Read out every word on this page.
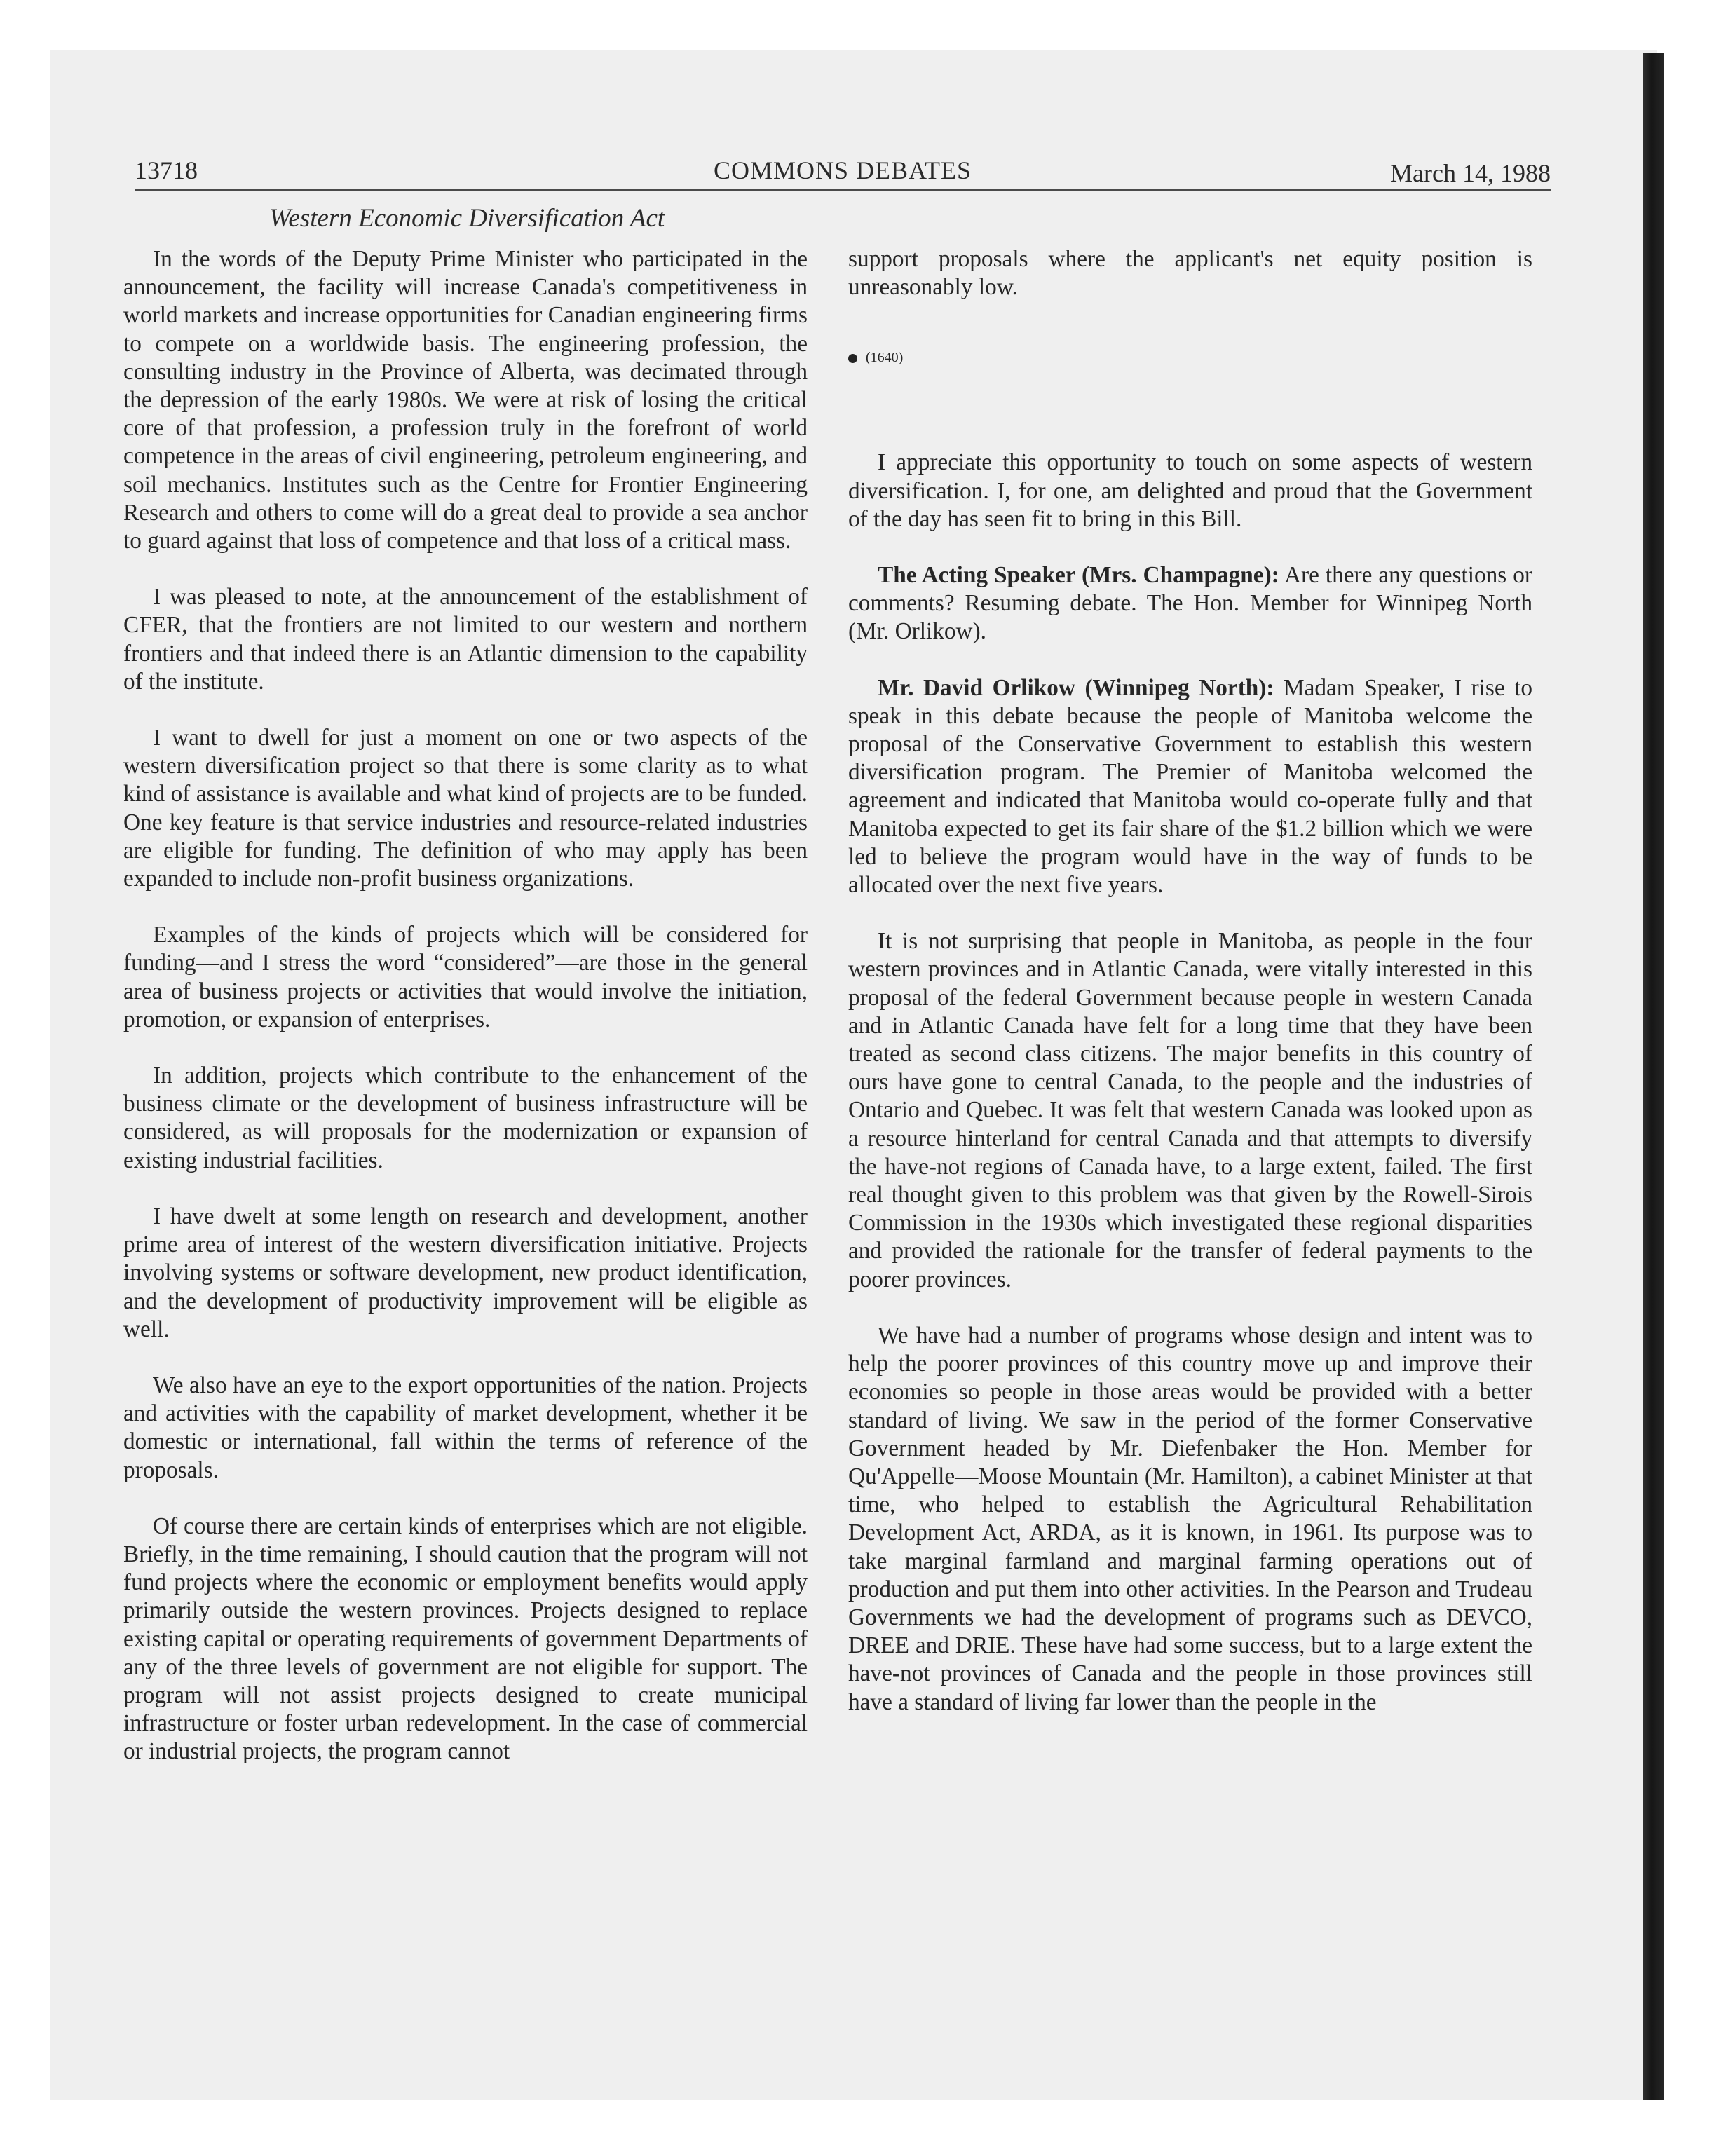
13718	COMMONS DEBATES	March 14, 1988
Western Economic Diversification Act

In the words of the Deputy Prime Minister who participated in the announcement, the facility will increase Canada's competitiveness in world markets and increase opportunities for Canadian engineering firms to compete on a worldwide basis. The engineering profession, the consulting industry in the Province of Alberta, was decimated through the depression of the early 1980s. We were at risk of losing the critical core of that profession, a profession truly in the forefront of world competence in the areas of civil engineering, petroleum engineering, and soil mechanics. Institutes such as the Centre for Frontier Engineering Research and others to come will do a great deal to provide a sea anchor to guard against that loss of competence and that loss of a critical mass.

I was pleased to note, at the announcement of the establishment of CFER, that the frontiers are not limited to our western and northern frontiers and that indeed there is an Atlantic dimension to the capability of the institute.

I want to dwell for just a moment on one or two aspects of the western diversification project so that there is some clarity as to what kind of assistance is available and what kind of projects are to be funded. One key feature is that service industries and resource-related industries are eligible for funding. The definition of who may apply has been expanded to include non-profit business organizations.

Examples of the kinds of projects which will be considered for funding—and I stress the word “considered”—are those in the general area of business projects or activities that would involve the initiation, promotion, or expansion of enterprises.

In addition, projects which contribute to the enhancement of the business climate or the development of business infrastructure will be considered, as will proposals for the modernization or expansion of existing industrial facilities.

I have dwelt at some length on research and development, another prime area of interest of the western diversification initiative. Projects involving systems or software development, new product identification, and the development of productivity improvement will be eligible as well.

We also have an eye to the export opportunities of the nation. Projects and activities with the capability of market development, whether it be domestic or international, fall within the terms of reference of the proposals.

Of course there are certain kinds of enterprises which are not eligible. Briefly, in the time remaining, I should caution that the program will not fund projects where the economic or employment benefits would apply primarily outside the western provinces. Projects designed to replace existing capital or operating requirements of government Departments of any of the three levels of government are not eligible for support. The program will not assist projects designed to create municipal infrastructure or foster urban redevelopment. In the case of commercial or industrial projects, the program cannot

support proposals where the applicant's net equity position is unreasonably low.

(1640)

I appreciate this opportunity to touch on some aspects of western diversification. I, for one, am delighted and proud that the Government of the day has seen fit to bring in this Bill.

The Acting Speaker (Mrs. Champagne): Are there any questions or comments? Resuming debate. The Hon. Member for Winnipeg North (Mr. Orlikow).

Mr. David Orlikow (Winnipeg North): Madam Speaker, I rise to speak in this debate because the people of Manitoba welcome the proposal of the Conservative Government to establish this western diversification program. The Premier of Manitoba welcomed the agreement and indicated that Manitoba would co-operate fully and that Manitoba expected to get its fair share of the $1.2 billion which we were led to believe the program would have in the way of funds to be allocated over the next five years.

It is not surprising that people in Manitoba, as people in the four western provinces and in Atlantic Canada, were vitally interested in this proposal of the federal Government because people in western Canada and in Atlantic Canada have felt for a long time that they have been treated as second class citizens. The major benefits in this country of ours have gone to central Canada, to the people and the industries of Ontario and Quebec. It was felt that western Canada was looked upon as a resource hinterland for central Canada and that attempts to diversify the have-not regions of Canada have, to a large extent, failed. The first real thought given to this problem was that given by the Rowell-Sirois Commission in the 1930s which investigated these regional disparities and provided the rationale for the transfer of federal payments to the poorer provinces.

We have had a number of programs whose design and intent was to help the poorer provinces of this country move up and improve their economies so people in those areas would be provided with a better standard of living. We saw in the period of the former Conservative Government headed by Mr. Diefenbaker the Hon. Member for Qu'Appelle—Moose Mountain (Mr. Hamilton), a cabinet Minister at that time, who helped to establish the Agricultural Rehabilitation Development Act, ARDA, as it is known, in 1961. Its purpose was to take marginal farmland and marginal farming operations out of production and put them into other activities. In the Pearson and Trudeau Governments we had the development of programs such as DEVCO, DREE and DRIE. These have had some success, but to a large extent the have-not provinces of Canada and the people in those provinces still have a standard of living far lower than the people in the
